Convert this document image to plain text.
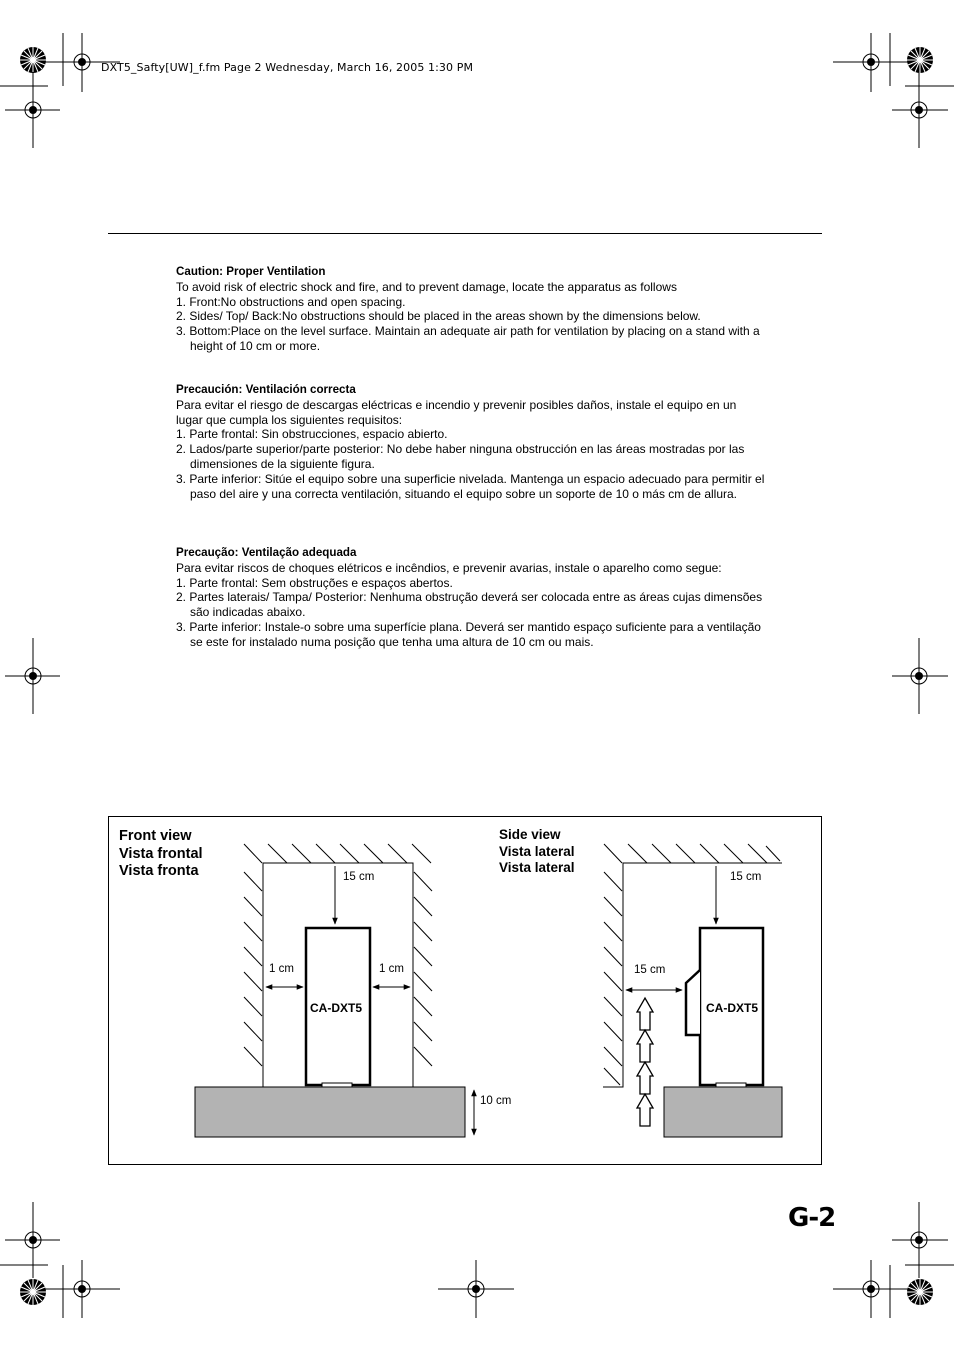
DXT5_Safty[UW]_f.fm Page 2 Wednesday, March 16, 2005 1:30 PM
Caution: Proper Ventilation
To avoid risk of electric shock and fire, and to prevent damage, locate the apparatus as follows
1. Front:No obstructions and open spacing.
2. Sides/ Top/ Back:No obstructions should be placed in the areas shown by the dimensions below.
3. Bottom:Place on the level surface. Maintain an adequate air path for ventilation by placing on a stand with a height of 10 cm or more.
Precaución: Ventilación correcta
Para evitar el riesgo de descargas eléctricas e incendio y prevenir posibles daños, instale el equipo en un lugar que cumpla los siguientes requisitos:
1. Parte frontal: Sin obstrucciones, espacio abierto.
2. Lados/parte superior/parte posterior: No debe haber ninguna obstrucción en las áreas mostradas por las dimensiones de la siguiente figura.
3. Parte inferior: Sitúe el equipo sobre una superficie nivelada. Mantenga un espacio adecuado para permitir el paso del aire y una correcta ventilación, situando el equipo sobre un soporte de 10 o más cm de allura.
Precaução: Ventilação adequada
Para evitar riscos de choques elétricos e incêndios, e prevenir avarias, instale o aparelho como segue:
1. Parte frontal: Sem obstruções e espaços abertos.
2. Partes laterais/ Tampa/ Posterior: Nenhuma obstrução deverá ser colocada entre as áreas cujas dimensões são indicadas abaixo.
3. Parte inferior: Instale-o sobre uma superfície plana. Deverá ser mantido espaço suficiente para a ventilação se este for instalado numa posição que tenha uma altura de 10 cm ou mais.
Front view
Vista frontal
Vista fronta
Side view
Vista lateral
Vista lateral
15 cm
1 cm	1 cm
CA-DXT5
10 cm
15 cm
15 cm
CA-DXT5
G-2
